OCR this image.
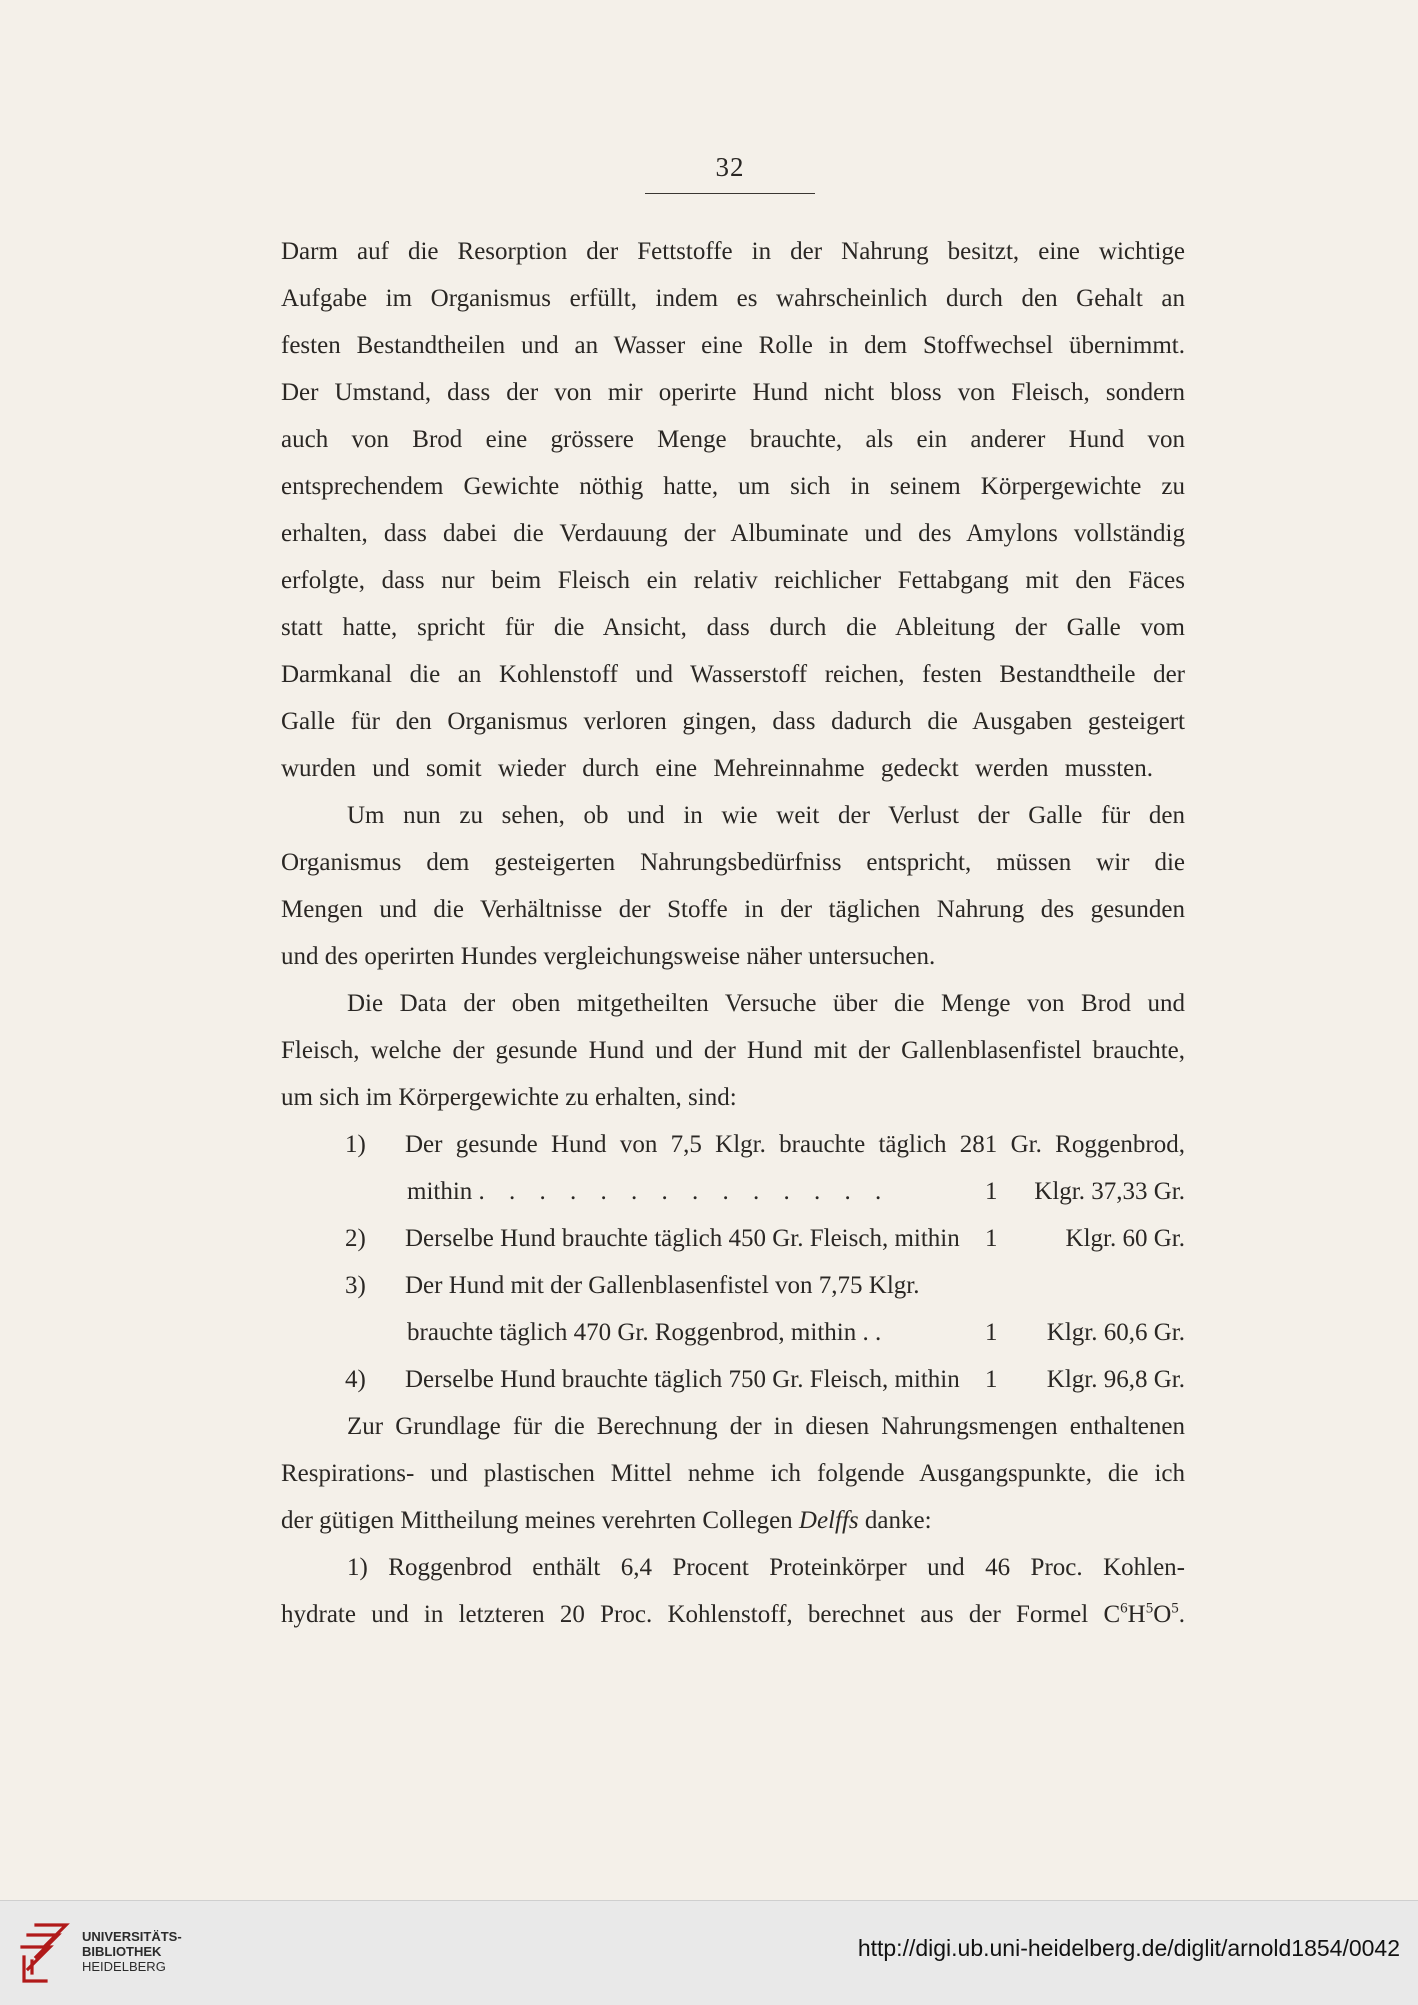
32
Darm auf die Resorption der Fettstoffe in der Nahrung besitzt, eine wichtige
Aufgabe im Organismus erfüllt, indem es wahrscheinlich durch den Gehalt an
festen Bestandtheilen und an Wasser eine Rolle in dem Stoffwechsel übernimmt.
Der Umstand, dass der von mir operirte Hund nicht bloss von Fleisch, sondern
auch von Brod eine grössere Menge brauchte, als ein anderer Hund von
entsprechendem Gewichte nöthig hatte, um sich in seinem Körpergewichte zu
erhalten, dass dabei die Verdauung der Albuminate und des Amylons vollständig
erfolgte, dass nur beim Fleisch ein relativ reichlicher Fettabgang mit den Fäces
statt hatte, spricht für die Ansicht, dass durch die Ableitung der Galle vom
Darmkanal die an Kohlenstoff und Wasserstoff reichen, festen Bestandtheile der
Galle für den Organismus verloren gingen, dass dadurch die Ausgaben gesteigert
wurden und somit wieder durch eine Mehreinnahme gedeckt werden mussten.
Um nun zu sehen, ob und in wie weit der Verlust der Galle für den
Organismus dem gesteigerten Nahrungsbedürfniss entspricht, müssen wir die
Mengen und die Verhältnisse der Stoffe in der täglichen Nahrung des gesunden
und des operirten Hundes vergleichungsweise näher untersuchen.
Die Data der oben mitgetheilten Versuche über die Menge von Brod und
Fleisch, welche der gesunde Hund und der Hund mit der Gallenblasenfistel brauchte,
um sich im Körpergewichte zu erhalten, sind:
1)	Der gesunde Hund von 7,5 Klgr. brauchte täglich 281 Gr. Roggenbrod,
mithin . . . . . . . . . . . . . .	1	Klgr. 37,33 Gr.
2)	Derselbe Hund brauchte täglich 450 Gr. Fleisch, mithin	1	Klgr. 60 Gr.
3)	Der Hund mit der Gallenblasenfistel von 7,75 Klgr.
brauchte täglich 470 Gr. Roggenbrod, mithin . .	1	Klgr. 60,6 Gr.
4)	Derselbe Hund brauchte täglich 750 Gr. Fleisch, mithin	1	Klgr. 96,8 Gr.
Zur Grundlage für die Berechnung der in diesen Nahrungsmengen enthaltenen
Respirations- und plastischen Mittel nehme ich folgende Ausgangspunkte, die ich
der gütigen Mittheilung meines verehrten Collegen Delffs danke:
1) Roggenbrod enthält 6,4 Procent Proteinkörper und 46 Proc. Kohlen-
hydrate und in letzteren 20 Proc. Kohlenstoff, berechnet aus der Formel C $^6H^5O^5$.
UNIVERSITÄTS-
BIBLIOTHEK
HEIDELBERG
http://digi.ub.uni-heidelberg.de/diglit/arnold1854/0042
